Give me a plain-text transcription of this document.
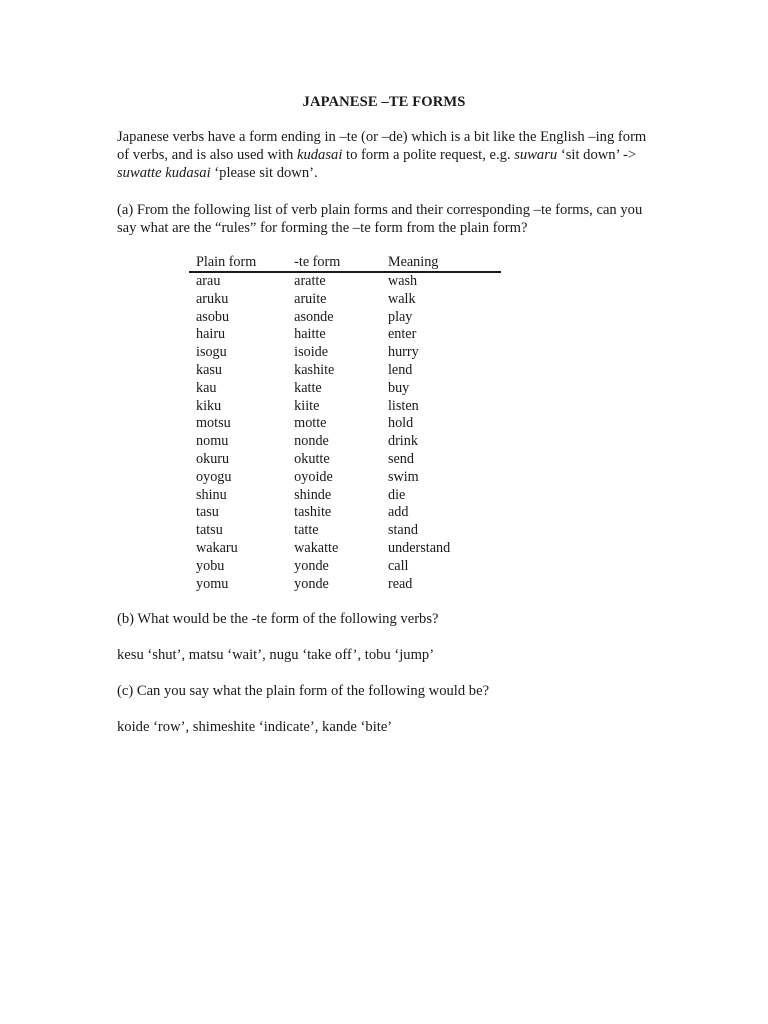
JAPANESE –TE FORMS

Japanese verbs have a form ending in –te (or –de) which is a bit like the English –ing form of verbs, and is also used with kudasai to form a polite request, e.g. suwaru ‘sit down’ -> suwatte kudasai ‘please sit down’.

(a) From the following list of verb plain forms and their corresponding –te forms, can you say what are the “rules” for forming the –te form from the plain form?

Plain form	-te form	Meaning
arau	aratte	wash
aruku	aruite	walk
asobu	asonde	play
hairu	haitte	enter
isogu	isoide	hurry
kasu	kashite	lend
kau	katte	buy
kiku	kiite	listen
motsu	motte	hold
nomu	nonde	drink
okuru	okutte	send
oyogu	oyoide	swim
shinu	shinde	die
tasu	tashite	add
tatsu	tatte	stand
wakaru	wakatte	understand
yobu	yonde	call
yomu	yonde	read

(b) What would be the -te form of the following verbs?

kesu ‘shut’, matsu ‘wait’, nugu ‘take off’, tobu ‘jump’

(c) Can you say what the plain form of the following would be?

koide ‘row’, shimeshite ‘indicate’, kande ‘bite’
